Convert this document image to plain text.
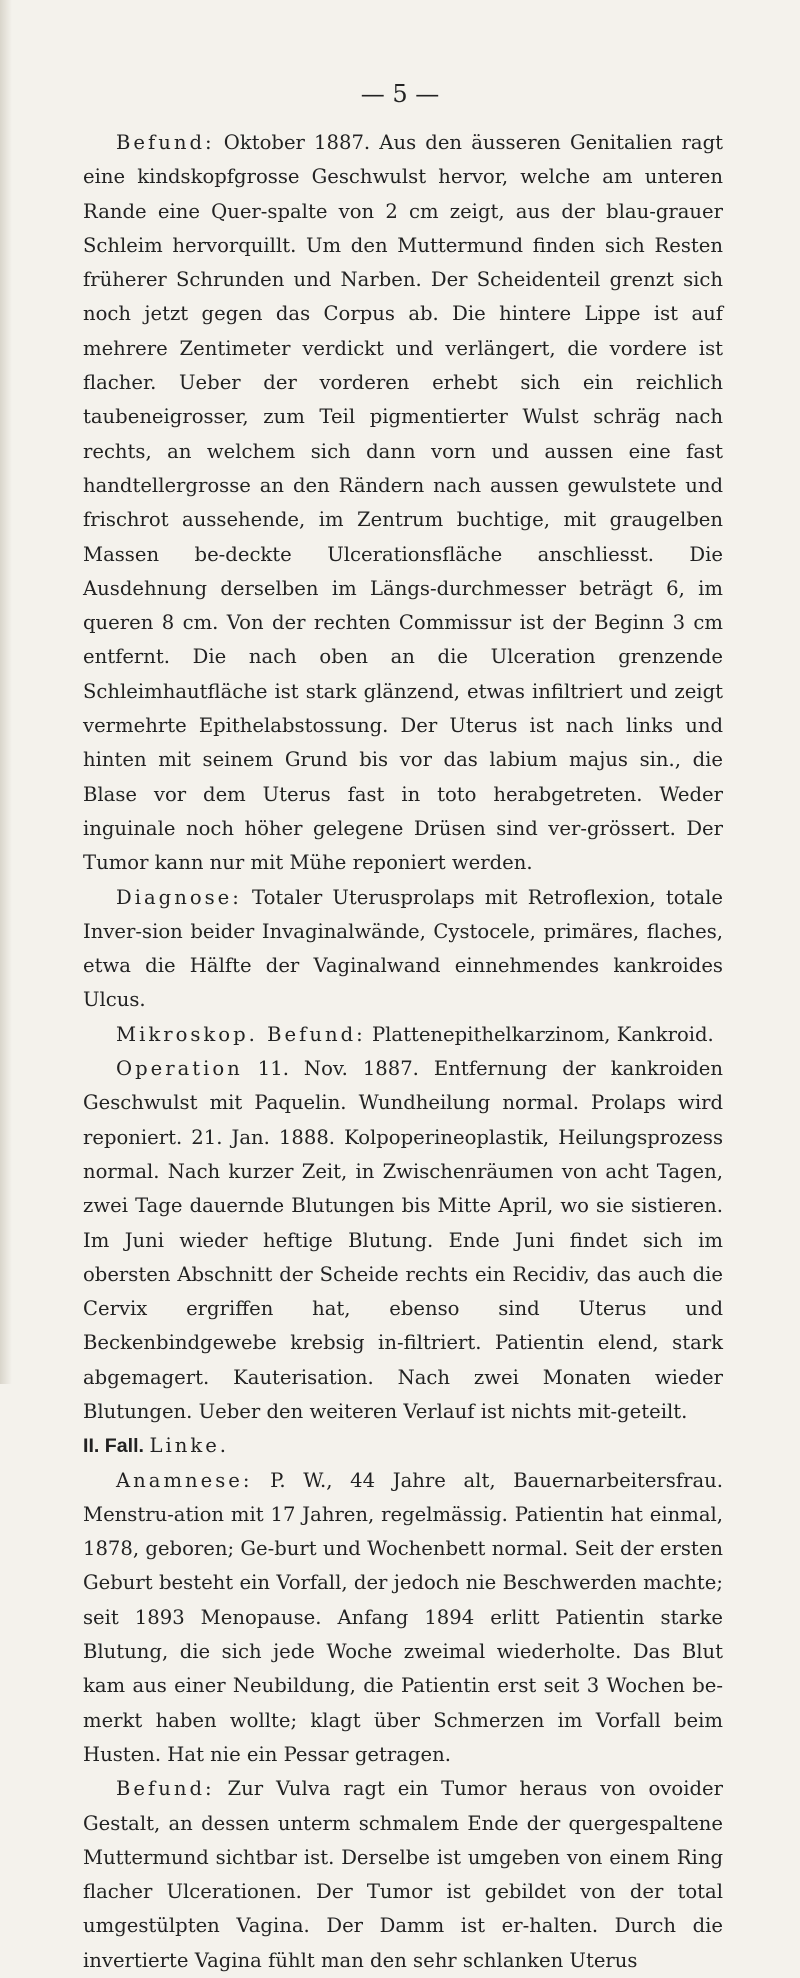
— 5 —

Befund: Oktober 1887. Aus den äusseren Genitalien ragt eine kindskopfgrosse Geschwulst hervor, welche am unteren Rande eine Quer-spalte von 2 cm zeigt, aus der blau-grauer Schleim hervorquillt. Um den Muttermund finden sich Resten früherer Schrunden und Narben. Der Scheidenteil grenzt sich noch jetzt gegen das Corpus ab. Die hintere Lippe ist auf mehrere Zentimeter verdickt und verlängert, die vordere ist flacher. Ueber der vorderen erhebt sich ein reichlich taubeneigrosser, zum Teil pigmentierter Wulst schräg nach rechts, an welchem sich dann vorn und aussen eine fast handtellergrosse an den Rändern nach aussen gewulstete und frischrot aussehende, im Zentrum buchtige, mit graugelben Massen be-deckte Ulcerationsfläche anschliesst. Die Ausdehnung derselben im Längs-durchmesser beträgt 6, im queren 8 cm. Von der rechten Commissur ist der Beginn 3 cm entfernt. Die nach oben an die Ulceration grenzende Schleimhautfläche ist stark glänzend, etwas infiltriert und zeigt vermehrte Epithelabstossung. Der Uterus ist nach links und hinten mit seinem Grund bis vor das labium majus sin., die Blase vor dem Uterus fast in toto herabgetreten. Weder inguinale noch höher gelegene Drüsen sind ver-grössert. Der Tumor kann nur mit Mühe reponiert werden.

Diagnose: Totaler Uterusprolaps mit Retroflexion, totale Inver-sion beider Invaginalwände, Cystocele, primäres, flaches, etwa die Hälfte der Vaginalwand einnehmendes kankroides Ulcus.

Mikroskop. Befund: Plattenepithelkarzinom, Kankroid.

Operation 11. Nov. 1887. Entfernung der kankroiden Geschwulst mit Paquelin. Wundheilung normal. Prolaps wird reponiert. 21. Jan. 1888. Kolpoperineoplastik, Heilungsprozess normal. Nach kurzer Zeit, in Zwischenräumen von acht Tagen, zwei Tage dauernde Blutungen bis Mitte April, wo sie sistieren. Im Juni wieder heftige Blutung. Ende Juni findet sich im obersten Abschnitt der Scheide rechts ein Recidiv, das auch die Cervix ergriffen hat, ebenso sind Uterus und Beckenbindgewebe krebsig in-filtriert. Patientin elend, stark abgemagert. Kauterisation. Nach zwei Monaten wieder Blutungen. Ueber den weiteren Verlauf ist nichts mit-geteilt.

II. Fall. Linke.

Anamnese: P. W., 44 Jahre alt, Bauernarbeitersfrau. Menstru-ation mit 17 Jahren, regelmässig. Patientin hat einmal, 1878, geboren; Ge-burt und Wochenbett normal. Seit der ersten Geburt besteht ein Vorfall, der jedoch nie Beschwerden machte; seit 1893 Menopause. Anfang 1894 erlitt Patientin starke Blutung, die sich jede Woche zweimal wiederholte. Das Blut kam aus einer Neubildung, die Patientin erst seit 3 Wochen be-merkt haben wollte; klagt über Schmerzen im Vorfall beim Husten. Hat nie ein Pessar getragen.

Befund: Zur Vulva ragt ein Tumor heraus von ovoider Gestalt, an dessen unterm schmalem Ende der quergespaltene Muttermund sichtbar ist. Derselbe ist umgeben von einem Ring flacher Ulcerationen. Der Tumor ist gebildet von der total umgestülpten Vagina. Der Damm ist er-halten. Durch die invertierte Vagina fühlt man den sehr schlanken Uterus
